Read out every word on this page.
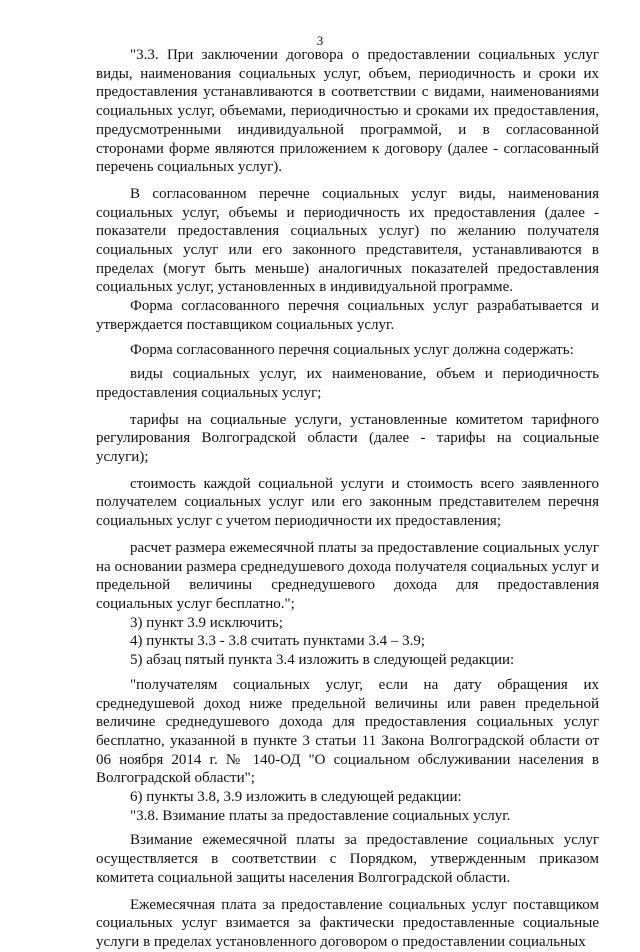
3

"3.3. При заключении договора о предоставлении социальных услуг виды, наименования социальных услуг, объем, периодичность и сроки их предоставления устанавливаются в соответствии с видами, наименованиями социальных услуг, объемами, периодичностью и сроками их предоставления, предусмотренными индивидуальной программой, и в согласованной сторонами форме являются приложением к договору (далее - согласованный перечень социальных услуг).

В согласованном перечне социальных услуг виды, наименования социальных услуг, объемы и периодичность их предоставления (далее - показатели предоставления социальных услуг) по желанию получателя социальных услуг или его законного представителя, устанавливаются в пределах (могут быть меньше) аналогичных показателей предоставления социальных услуг, установленных в индивидуальной программе.

Форма согласованного перечня социальных услуг разрабатывается и утверждается поставщиком социальных услуг.

Форма согласованного перечня социальных услуг должна содержать:

виды социальных услуг, их наименование, объем и периодичность предоставления социальных услуг;

тарифы на социальные услуги, установленные комитетом тарифного регулирования Волгоградской области (далее - тарифы на социальные услуги);

стоимость каждой социальной услуги и стоимость всего заявленного получателем социальных услуг или его законным представителем перечня социальных услуг с учетом периодичности их предоставления;

расчет размера ежемесячной платы за предоставление социальных услуг на основании размера среднедушевого дохода получателя социальных услуг и предельной величины среднедушевого дохода для предоставления социальных услуг бесплатно.";

3) пункт 3.9 исключить;

4) пункты 3.3 - 3.8 считать пунктами 3.4 – 3.9;

5) абзац пятый пункта 3.4 изложить в следующей редакции:

"получателям социальных услуг, если на дату обращения их среднедушевой доход ниже предельной величины или равен предельной величине среднедушевого дохода для предоставления социальных услуг бесплатно, указанной в пункте 3 статьи 11 Закона Волгоградской области от 06 ноября 2014 г. № 140-ОД "О социальном обслуживании населения в Волгоградской области";

6) пункты 3.8, 3.9 изложить в следующей редакции:

"3.8. Взимание платы за предоставление социальных услуг.

Взимание ежемесячной платы за предоставление социальных услуг осуществляется в соответствии с Порядком, утвержденным приказом комитета социальной защиты населения Волгоградской области.

Ежемесячная плата за предоставление социальных услуг поставщиком социальных услуг взимается за фактически предоставленные социальные услуги в пределах установленного договором о предоставлении социальных
